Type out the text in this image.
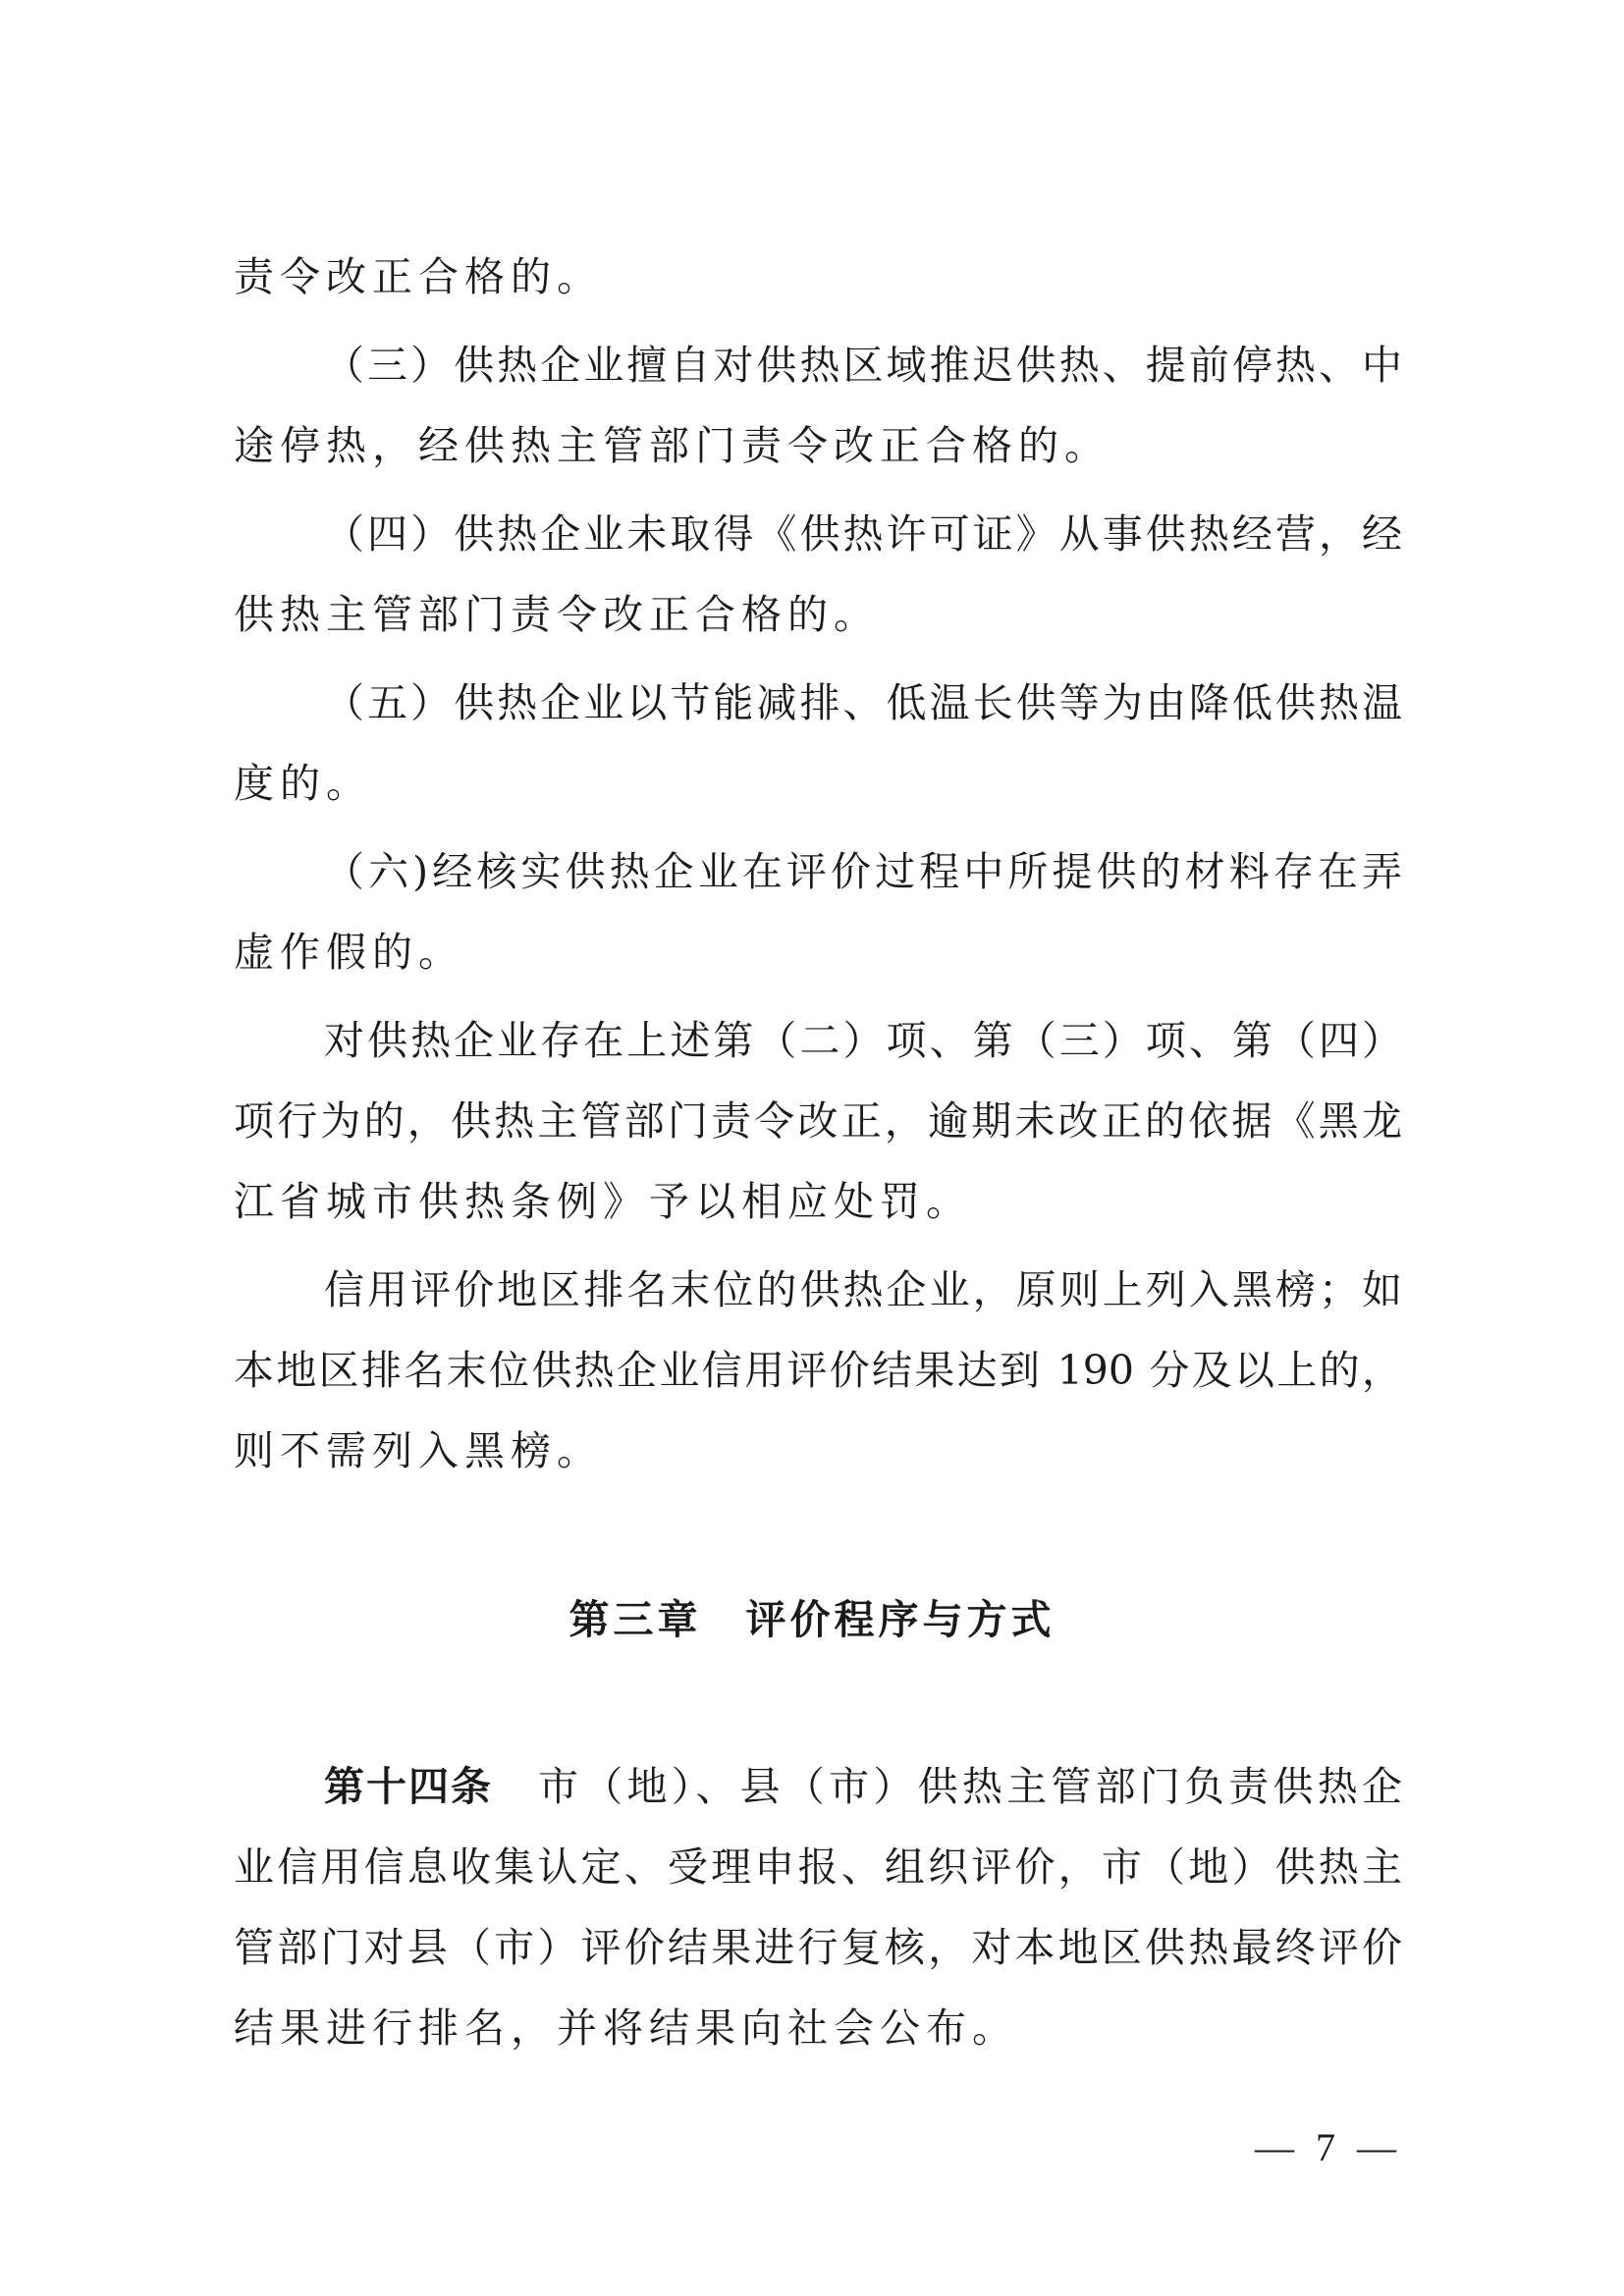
责令改正合格的。
（三）供热企业擅自对供热区域推迟供热、提前停热、中
途停热，经供热主管部门责令改正合格的。
（四）供热企业未取得《供热许可证》从事供热经营，经
供热主管部门责令改正合格的。
（五）供热企业以节能减排、低温长供等为由降低供热温
度的。
（六)经核实供热企业在评价过程中所提供的材料存在弄
虚作假的。
对供热企业存在上述第（二）项、第（三）项、第（四）
项行为的，供热主管部门责令改正，逾期未改正的依据《黑龙
江省城市供热条例》予以相应处罚。
信用评价地区排名末位的供热企业，原则上列入黑榜；如
本地区排名末位供热企业信用评价结果达到 190 分及以上的，
则不需列入黑榜。
第三章　评价程序与方式
第十四条 市（地）、县（市）供热主管部门负责供热企
业信用信息收集认定、受理申报、组织评价，市（地）供热主
管部门对县（市）评价结果进行复核，对本地区供热最终评价
结果进行排名，并将结果向社会公布。
— 7 —
